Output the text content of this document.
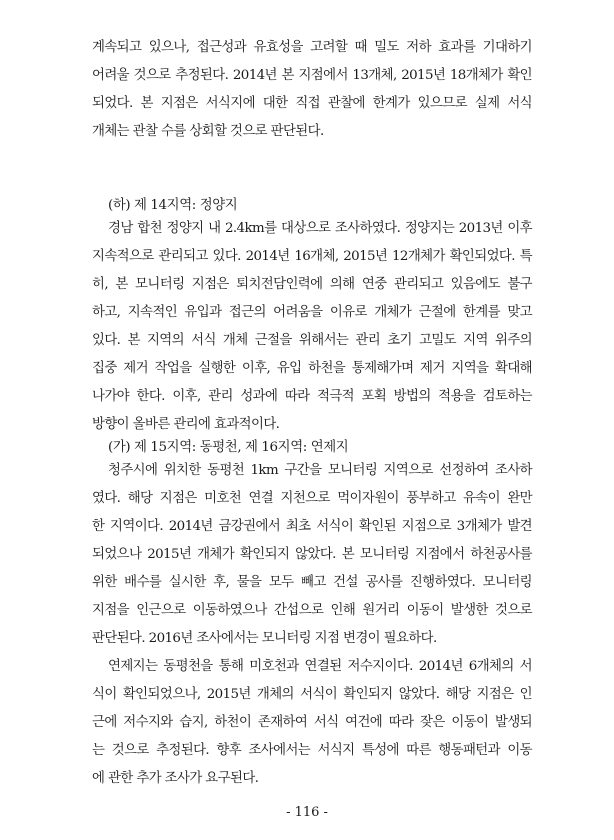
계속되고 있으나, 접근성과 유효성을 고려할 때 밀도 저하 효과를 기대하기

어려울 것으로 추정된다. 2014년 본 지점에서 13개체, 2015년 18개체가 확인

되었다. 본 지점은 서식지에 대한 직접 관찰에 한계가 있으므로 실제 서식

개체는 관찰 수를 상회할 것으로 판단된다.

(하) 제 14지역: 정양지

경남 합천 정양지 내 2.4km를 대상으로 조사하였다. 정양지는 2013년 이후

지속적으로 관리되고 있다. 2014년 16개체, 2015년 12개체가 확인되었다. 특

히, 본 모니터링 지점은 퇴치전담인력에 의해 연중 관리되고 있음에도 불구

하고, 지속적인 유입과 접근의 어려움을 이유로 개체가 근절에 한계를 맞고

있다. 본 지역의 서식 개체 근절을 위해서는 관리 초기 고밀도 지역 위주의

집중 제거 작업을 실행한 이후, 유입 하천을 통제해가며 제거 지역을 확대해

나가야 한다. 이후, 관리 성과에 따라 적극적 포획 방법의 적용을 검토하는

방향이 올바른 관리에 효과적이다.

(가) 제 15지역: 동평천, 제 16지역: 연제지

청주시에 위치한 동평천 1km 구간을 모니터링 지역으로 선정하여 조사하

였다. 해당 지점은 미호천 연결 지천으로 먹이자원이 풍부하고 유속이 완만

한 지역이다. 2014년 금강권에서 최초 서식이 확인된 지점으로 3개체가 발견

되었으나 2015년 개체가 확인되지 않았다. 본 모니터링 지점에서 하천공사를

위한 배수를 실시한 후, 물을 모두 빼고 건설 공사를 진행하였다. 모니터링

지점을 인근으로 이동하였으나 간섭으로 인해 원거리 이동이 발생한 것으로

판단된다. 2016년 조사에서는 모니터링 지점 변경이 필요하다.

연제지는 동평천을 통해 미호천과 연결된 저수지이다. 2014년 6개체의 서

식이 확인되었으나, 2015년 개체의 서식이 확인되지 않았다. 해당 지점은 인

근에 저수지와 습지, 하천이 존재하여 서식 여건에 따라 잦은 이동이 발생되

는 것으로 추정된다. 향후 조사에서는 서식지 특성에 따른 행동패턴과 이동

에 관한 추가 조사가 요구된다.

- 116 -
